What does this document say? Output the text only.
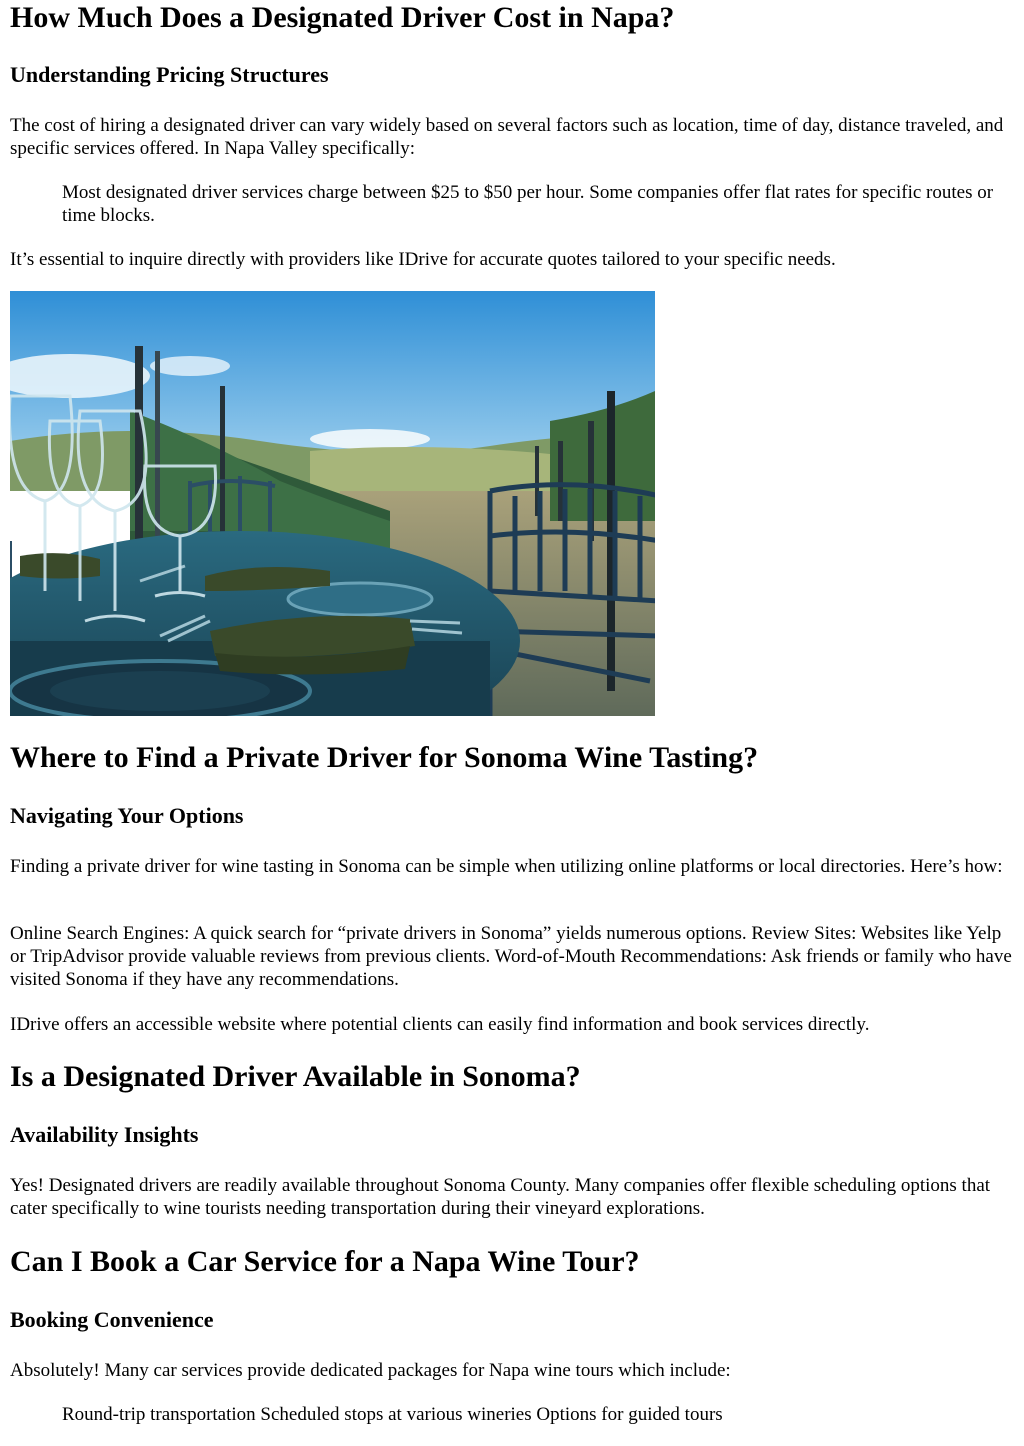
How Much Does a Designated Driver Cost in Napa?
Understanding Pricing Structures

The cost of hiring a designated driver can vary widely based on several factors such as location, time of day, distance traveled, and specific services offered. In Napa Valley specifically:

Most designated driver services charge between $25 to $50 per hour. Some companies offer flat rates for specific routes or time blocks.

It’s essential to inquire directly with providers like IDrive for accurate quotes tailored to your specific needs.

Where to Find a Private Driver for Sonoma Wine Tasting?
Navigating Your Options

Finding a private driver for wine tasting in Sonoma can be simple when utilizing online platforms or local directories. Here’s how:

Online Search Engines: A quick search for “private drivers in Sonoma” yields numerous options. Review Sites: Websites like Yelp or TripAdvisor provide valuable reviews from previous clients. Word-of-Mouth Recommendations: Ask friends or family who have visited Sonoma if they have any recommendations.

IDrive offers an accessible website where potential clients can easily find information and book services directly.

Is a Designated Driver Available in Sonoma?
Availability Insights

Yes! Designated drivers are readily available throughout Sonoma County. Many companies offer flexible scheduling options that cater specifically to wine tourists needing transportation during their vineyard explorations.

Can I Book a Car Service for a Napa Wine Tour?
Booking Convenience

Absolutely! Many car services provide dedicated packages for Napa wine tours which include:

Round-trip transportation Scheduled stops at various wineries Options for guided tours
